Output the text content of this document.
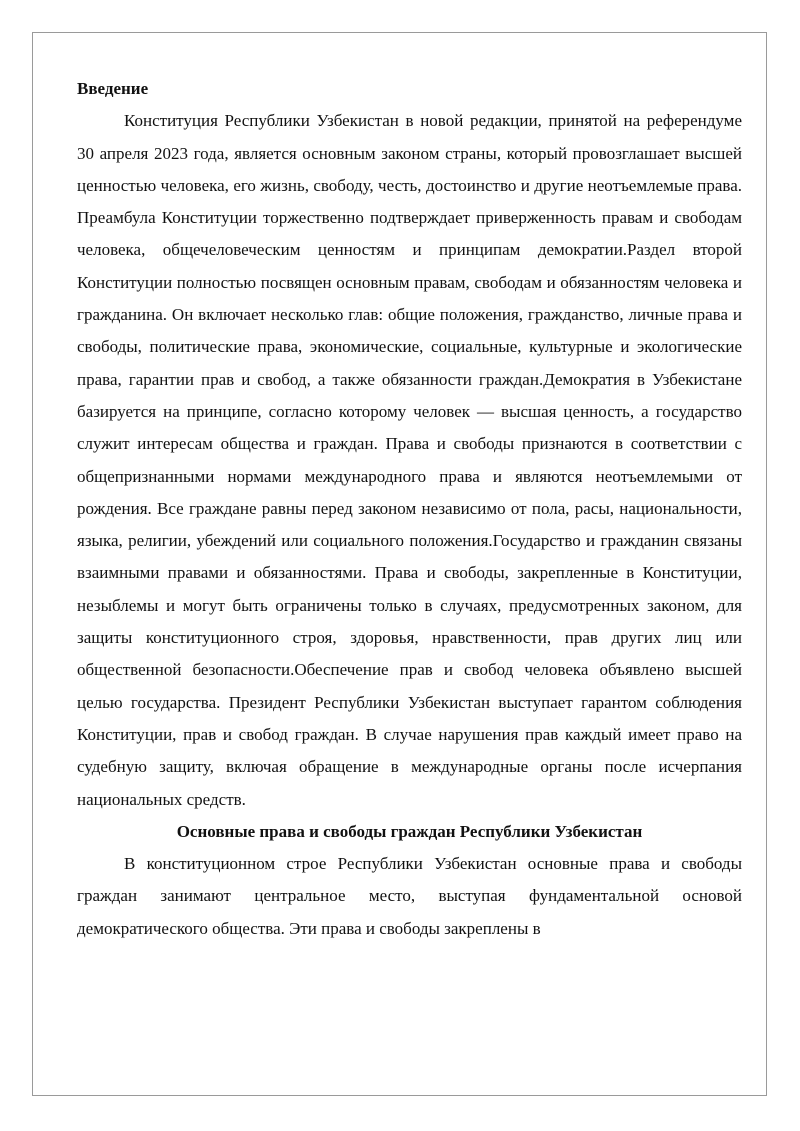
Введение

Конституция Республики Узбекистан в новой редакции, принятой на референдуме 30 апреля 2023 года, является основным законом страны, который провозглашает высшей ценностью человека, его жизнь, свободу, честь, достоинство и другие неотъемлемые права. Преамбула Конституции торжественно подтверждает приверженность правам и свободам человека, общечеловеческим ценностям и принципам демократии.Раздел второй Конституции полностью посвящен основным правам, свободам и обязанностям человека и гражданина. Он включает несколько глав: общие положения, гражданство, личные права и свободы, политические права, экономические, социальные, культурные и экологические права, гарантии прав и свобод, а также обязанности граждан.Демократия в Узбекистане базируется на принципе, согласно которому человек — высшая ценность, а государство служит интересам общества и граждан. Права и свободы признаются в соответствии с общепризнанными нормами международного права и являются неотъемлемыми от рождения. Все граждане равны перед законом независимо от пола, расы, национальности, языка, религии, убеждений или социального положения.Государство и гражданин связаны взаимными правами и обязанностями. Права и свободы, закрепленные в Конституции, незыблемы и могут быть ограничены только в случаях, предусмотренных законом, для защиты конституционного строя, здоровья, нравственности, прав других лиц или общественной безопасности.Обеспечение прав и свобод человека объявлено высшей целью государства. Президент Республики Узбекистан выступает гарантом соблюдения Конституции, прав и свобод граждан. В случае нарушения прав каждый имеет право на судебную защиту, включая обращение в международные органы после исчерпания национальных средств.

Основные права и свободы граждан Республики Узбекистан

В конституционном строе Республики Узбекистан основные права и свободы граждан занимают центральное место, выступая фундаментальной основой демократического общества. Эти права и свободы закреплены в
